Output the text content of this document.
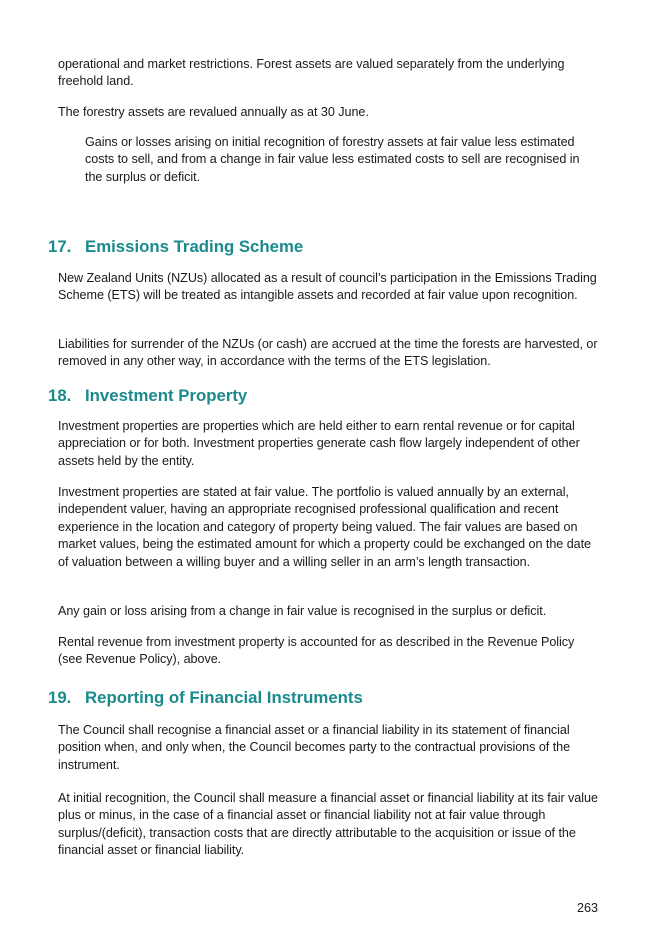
operational and market restrictions. Forest assets are valued separately from the underlying freehold land.

The forestry assets are revalued annually as at 30 June.

Gains or losses arising on initial recognition of forestry assets at fair value less estimated costs to sell, and from a change in fair value less estimated costs to sell are recognised in the surplus or deficit.

17. Emissions Trading Scheme

New Zealand Units (NZUs) allocated as a result of council’s participation in the Emissions Trading Scheme (ETS) will be treated as intangible assets and recorded at fair value upon recognition.

Liabilities for surrender of the NZUs (or cash) are accrued at the time the forests are harvested, or removed in any other way, in accordance with the terms of the ETS legislation.

18. Investment Property

Investment properties are properties which are held either to earn rental revenue or for capital appreciation or for both. Investment properties generate cash flow largely independent of other assets held by the entity.

Investment properties are stated at fair value. The portfolio is valued annually by an external, independent valuer, having an appropriate recognised professional qualification and recent experience in the location and category of property being valued. The fair values are based on market values, being the estimated amount for which a property could be exchanged on the date of valuation between a willing buyer and a willing seller in an arm’s length transaction.

Any gain or loss arising from a change in fair value is recognised in the surplus or deficit.

Rental revenue from investment property is accounted for as described in the Revenue Policy (see Revenue Policy), above.

19. Reporting of Financial Instruments

The Council shall recognise a financial asset or a financial liability in its statement of financial position when, and only when, the Council becomes party to the contractual provisions of the instrument.

At initial recognition, the Council shall measure a financial asset or financial liability at its fair value plus or minus, in the case of a financial asset or financial liability not at fair value through surplus/(deficit), transaction costs that are directly attributable to the acquisition or issue of the financial asset or financial liability.

263
